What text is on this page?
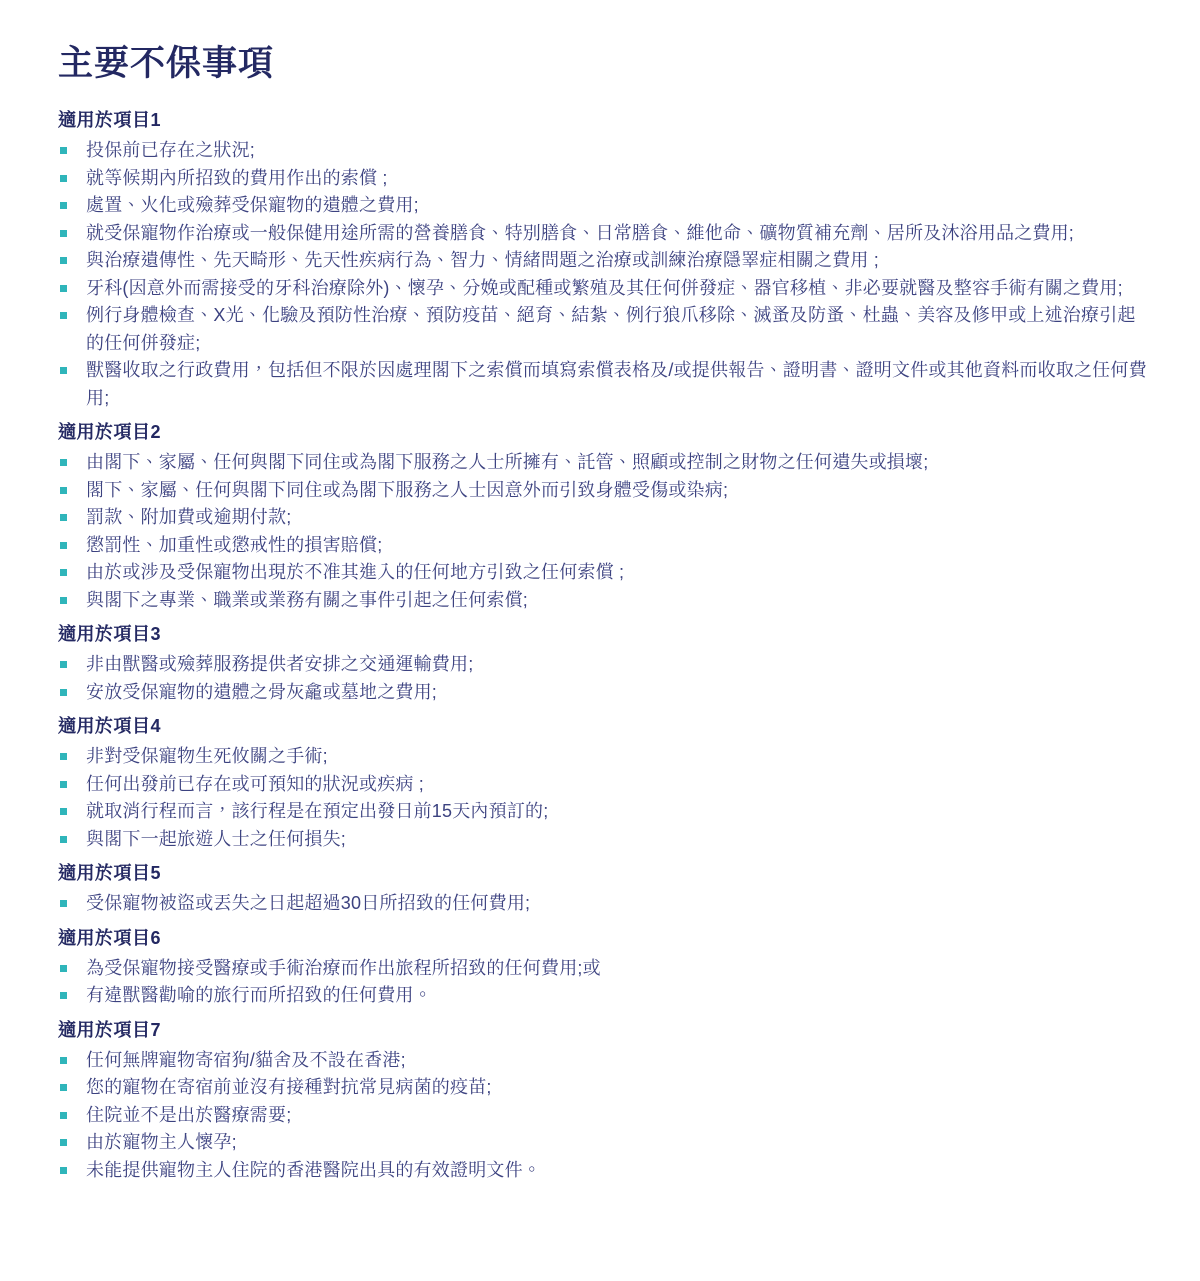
主要不保事項
適用於項目1
投保前已存在之狀況;
就等候期內所招致的費用作出的索償 ;
處置、火化或殮葬受保寵物的遺體之費用;
就受保寵物作治療或一般保健用途所需的營養膳食、特別膳食、日常膳食、維他命、礦物質補充劑、居所及沐浴用品之費用;
與治療遺傳性、先天畸形、先天性疾病行為、智力、情緒問題之治療或訓練治療隱睪症相關之費用 ;
牙科(因意外而需接受的牙科治療除外)、懷孕、分娩或配種或繁殖及其任何併發症、器官移植、非必要就醫及整容手術有關之費用;
例行身體檢查、X光、化驗及預防性治療、預防疫苗、絕育、結紮、例行狼爪移除、滅蚤及防蚤、杜蟲、美容及修甲或上述治療引起的任何併發症;
獸醫收取之行政費用，包括但不限於因處理閣下之索償而填寫索償表格及/或提供報告、證明書、證明文件或其他資料而收取之任何費用;
適用於項目2
由閣下、家屬、任何與閣下同住或為閣下服務之人士所擁有、託管、照顧或控制之財物之任何遺失或損壞;
閣下、家屬、任何與閣下同住或為閣下服務之人士因意外而引致身體受傷或染病;
罰款、附加費或逾期付款;
懲罰性、加重性或懲戒性的損害賠償;
由於或涉及受保寵物出現於不准其進入的任何地方引致之任何索償 ;
與閣下之專業、職業或業務有關之事件引起之任何索償;
適用於項目3
非由獸醫或殮葬服務提供者安排之交通運輸費用;
安放受保寵物的遺體之骨灰龕或墓地之費用;
適用於項目4
非對受保寵物生死攸關之手術;
任何出發前已存在或可預知的狀況或疾病 ;
就取消行程而言，該行程是在預定出發日前15天內預訂的;
與閣下一起旅遊人士之任何損失;
適用於項目5
受保寵物被盜或丟失之日起超過30日所招致的任何費用;
適用於項目6
為受保寵物接受醫療或手術治療而作出旅程所招致的任何費用;或
有違獸醫勸喻的旅行而所招致的任何費用。
適用於項目7
任何無牌寵物寄宿狗/貓舍及不設在香港;
您的寵物在寄宿前並沒有接種對抗常見病菌的疫苗;
住院並不是出於醫療需要;
由於寵物主人懷孕;
未能提供寵物主人住院的香港醫院出具的有效證明文件。
